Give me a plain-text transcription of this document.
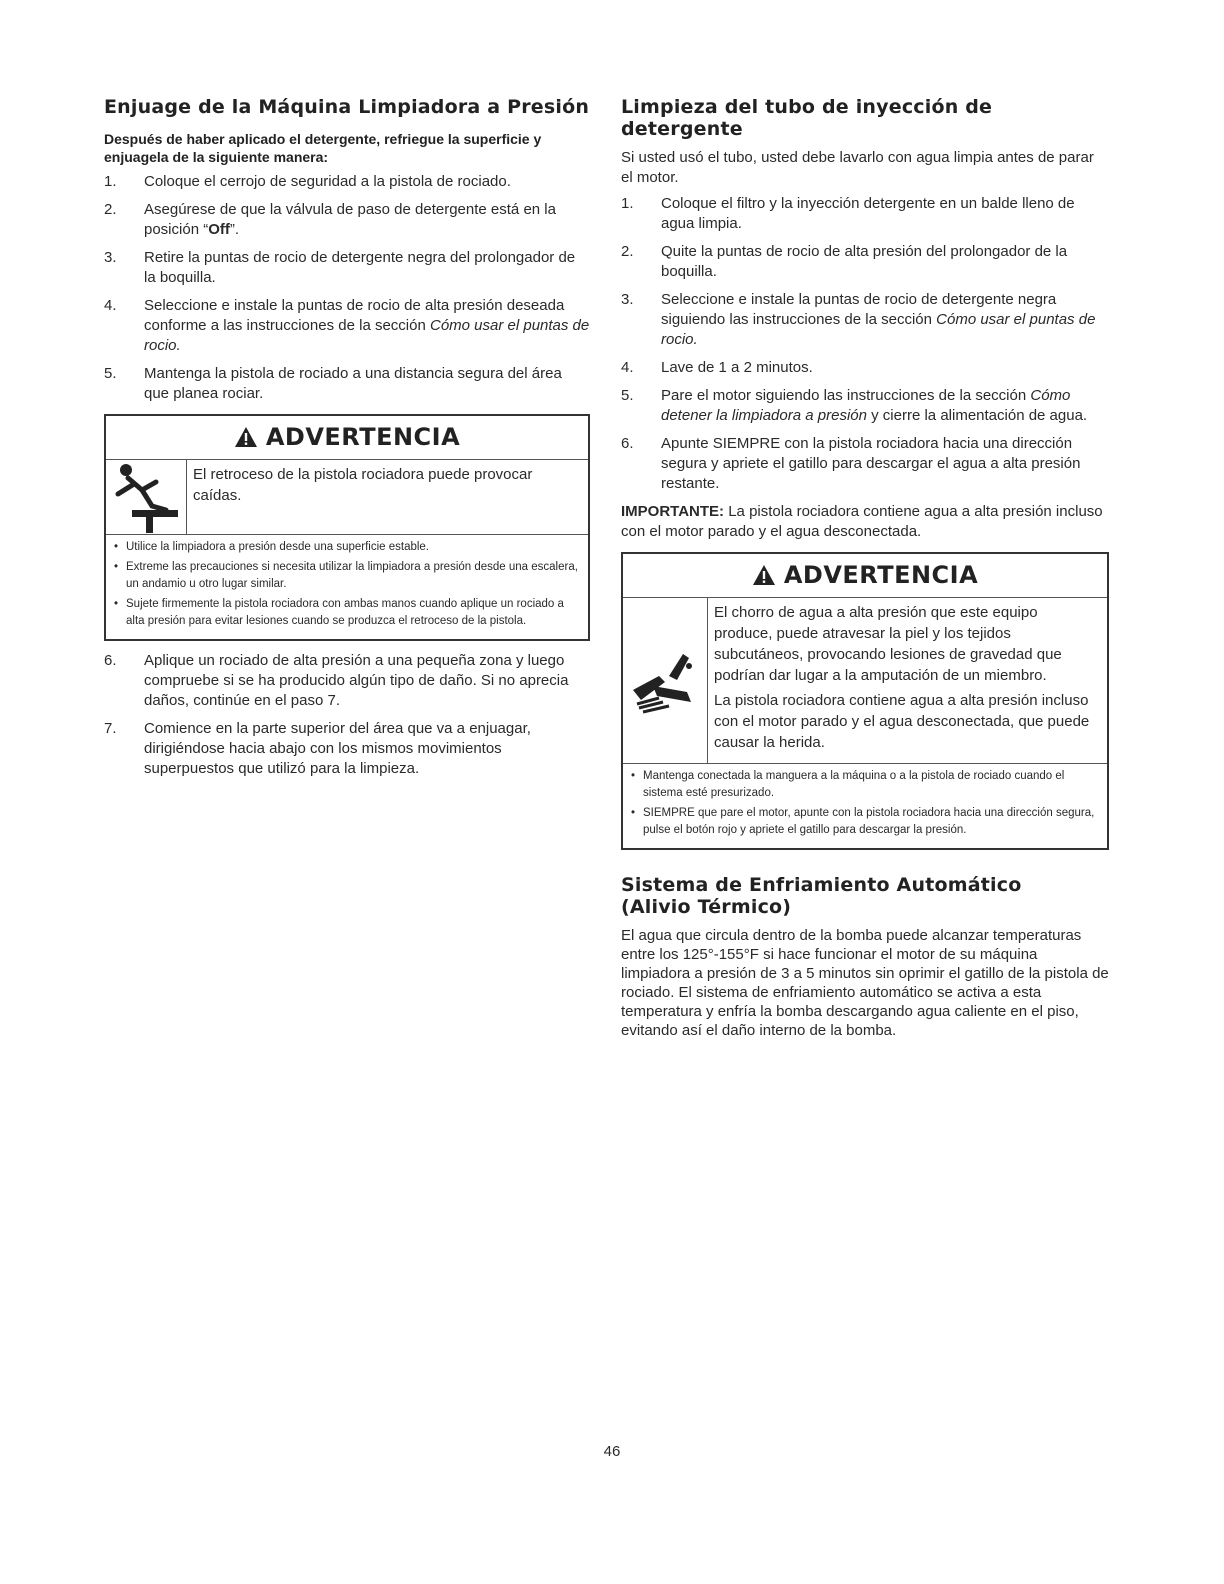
Enjuage de la Máquina Limpiadora a Presión
Después de haber aplicado el detergente, refriegue la superficie y enjuagela de la siguiente manera:
1. Coloque el cerrojo de seguridad a la pistola de rociado.
2. Asegúrese de que la válvula de paso de detergente está en la posición “Off”.
3. Retire la puntas de rocio de detergente negra del prolongador de la boquilla.
4. Seleccione e instale la puntas de rocio de alta presión deseada conforme a las instrucciones de la sección Cómo usar el puntas de rocio.
5. Mantenga la pistola de rociado a una distancia segura del área que planea rociar.
ADVERTENCIA
El retroceso de la pistola rociadora puede provocar caídas.
• Utilice la limpiadora a presión desde una superficie estable.
• Extreme las precauciones si necesita utilizar la limpiadora a presión desde una escalera, un andamio u otro lugar similar.
• Sujete firmemente la pistola rociadora con ambas manos cuando aplique un rociado a alta presión para evitar lesiones cuando se produzca el retroceso de la pistola.
6. Aplique un rociado de alta presión a una pequeña zona y luego compruebe si se ha producido algún tipo de daño. Si no aprecia daños, continúe en el paso 7.
7. Comience en la parte superior del área que va a enjuagar, dirigiéndose hacia abajo con los mismos movimientos superpuestos que utilizó para la limpieza.
Limpieza del tubo de inyección de detergente
Si usted usó el tubo, usted debe lavarlo con agua limpia antes de parar el motor.
1. Coloque el filtro y la inyección detergente en un balde lleno de agua limpia.
2. Quite la puntas de rocio de alta presión del prolongador de la boquilla.
3. Seleccione e instale la puntas de rocio de detergente negra siguiendo las instrucciones de la sección Cómo usar el puntas de rocio.
4. Lave de 1 a 2 minutos.
5. Pare el motor siguiendo las instrucciones de la sección Cómo detener la limpiadora a presión y cierre la alimentación de agua.
6. Apunte SIEMPRE con la pistola rociadora hacia una dirección segura y apriete el gatillo para descargar el agua a alta presión restante.
IMPORTANTE: La pistola rociadora contiene agua a alta presión incluso con el motor parado y el agua desconectada.
ADVERTENCIA

El chorro de agua a alta presión que este equipo produce, puede atravesar la piel y los tejidos subcutáneos, provocando lesiones de gravedad que podrían dar lugar a la amputación de un miembro.

La pistola rociadora contiene agua a alta presión incluso con el motor parado y el agua desconectada, que puede causar la herida.

• Mantenga conectada la manguera a la máquina o a la pistola de rociado cuando el sistema esté presurizado.
• SIEMPRE que pare el motor, apunte con la pistola rociadora hacia una dirección segura, pulse el botón rojo y apriete el gatillo para descargar la presión.
Sistema de Enfriamiento Automático
(Alivio Térmico)

El agua que circula dentro de la bomba puede alcanzar temperaturas entre los 125°-155°F si hace funcionar el motor de su máquina limpiadora a presión de 3 a 5 minutos sin oprimir el gatillo de la pistola de rociado. El sistema de enfriamiento automático se activa a esta temperatura y enfría la bomba descargando agua caliente en el piso, evitando así el daño interno de la bomba.

46
